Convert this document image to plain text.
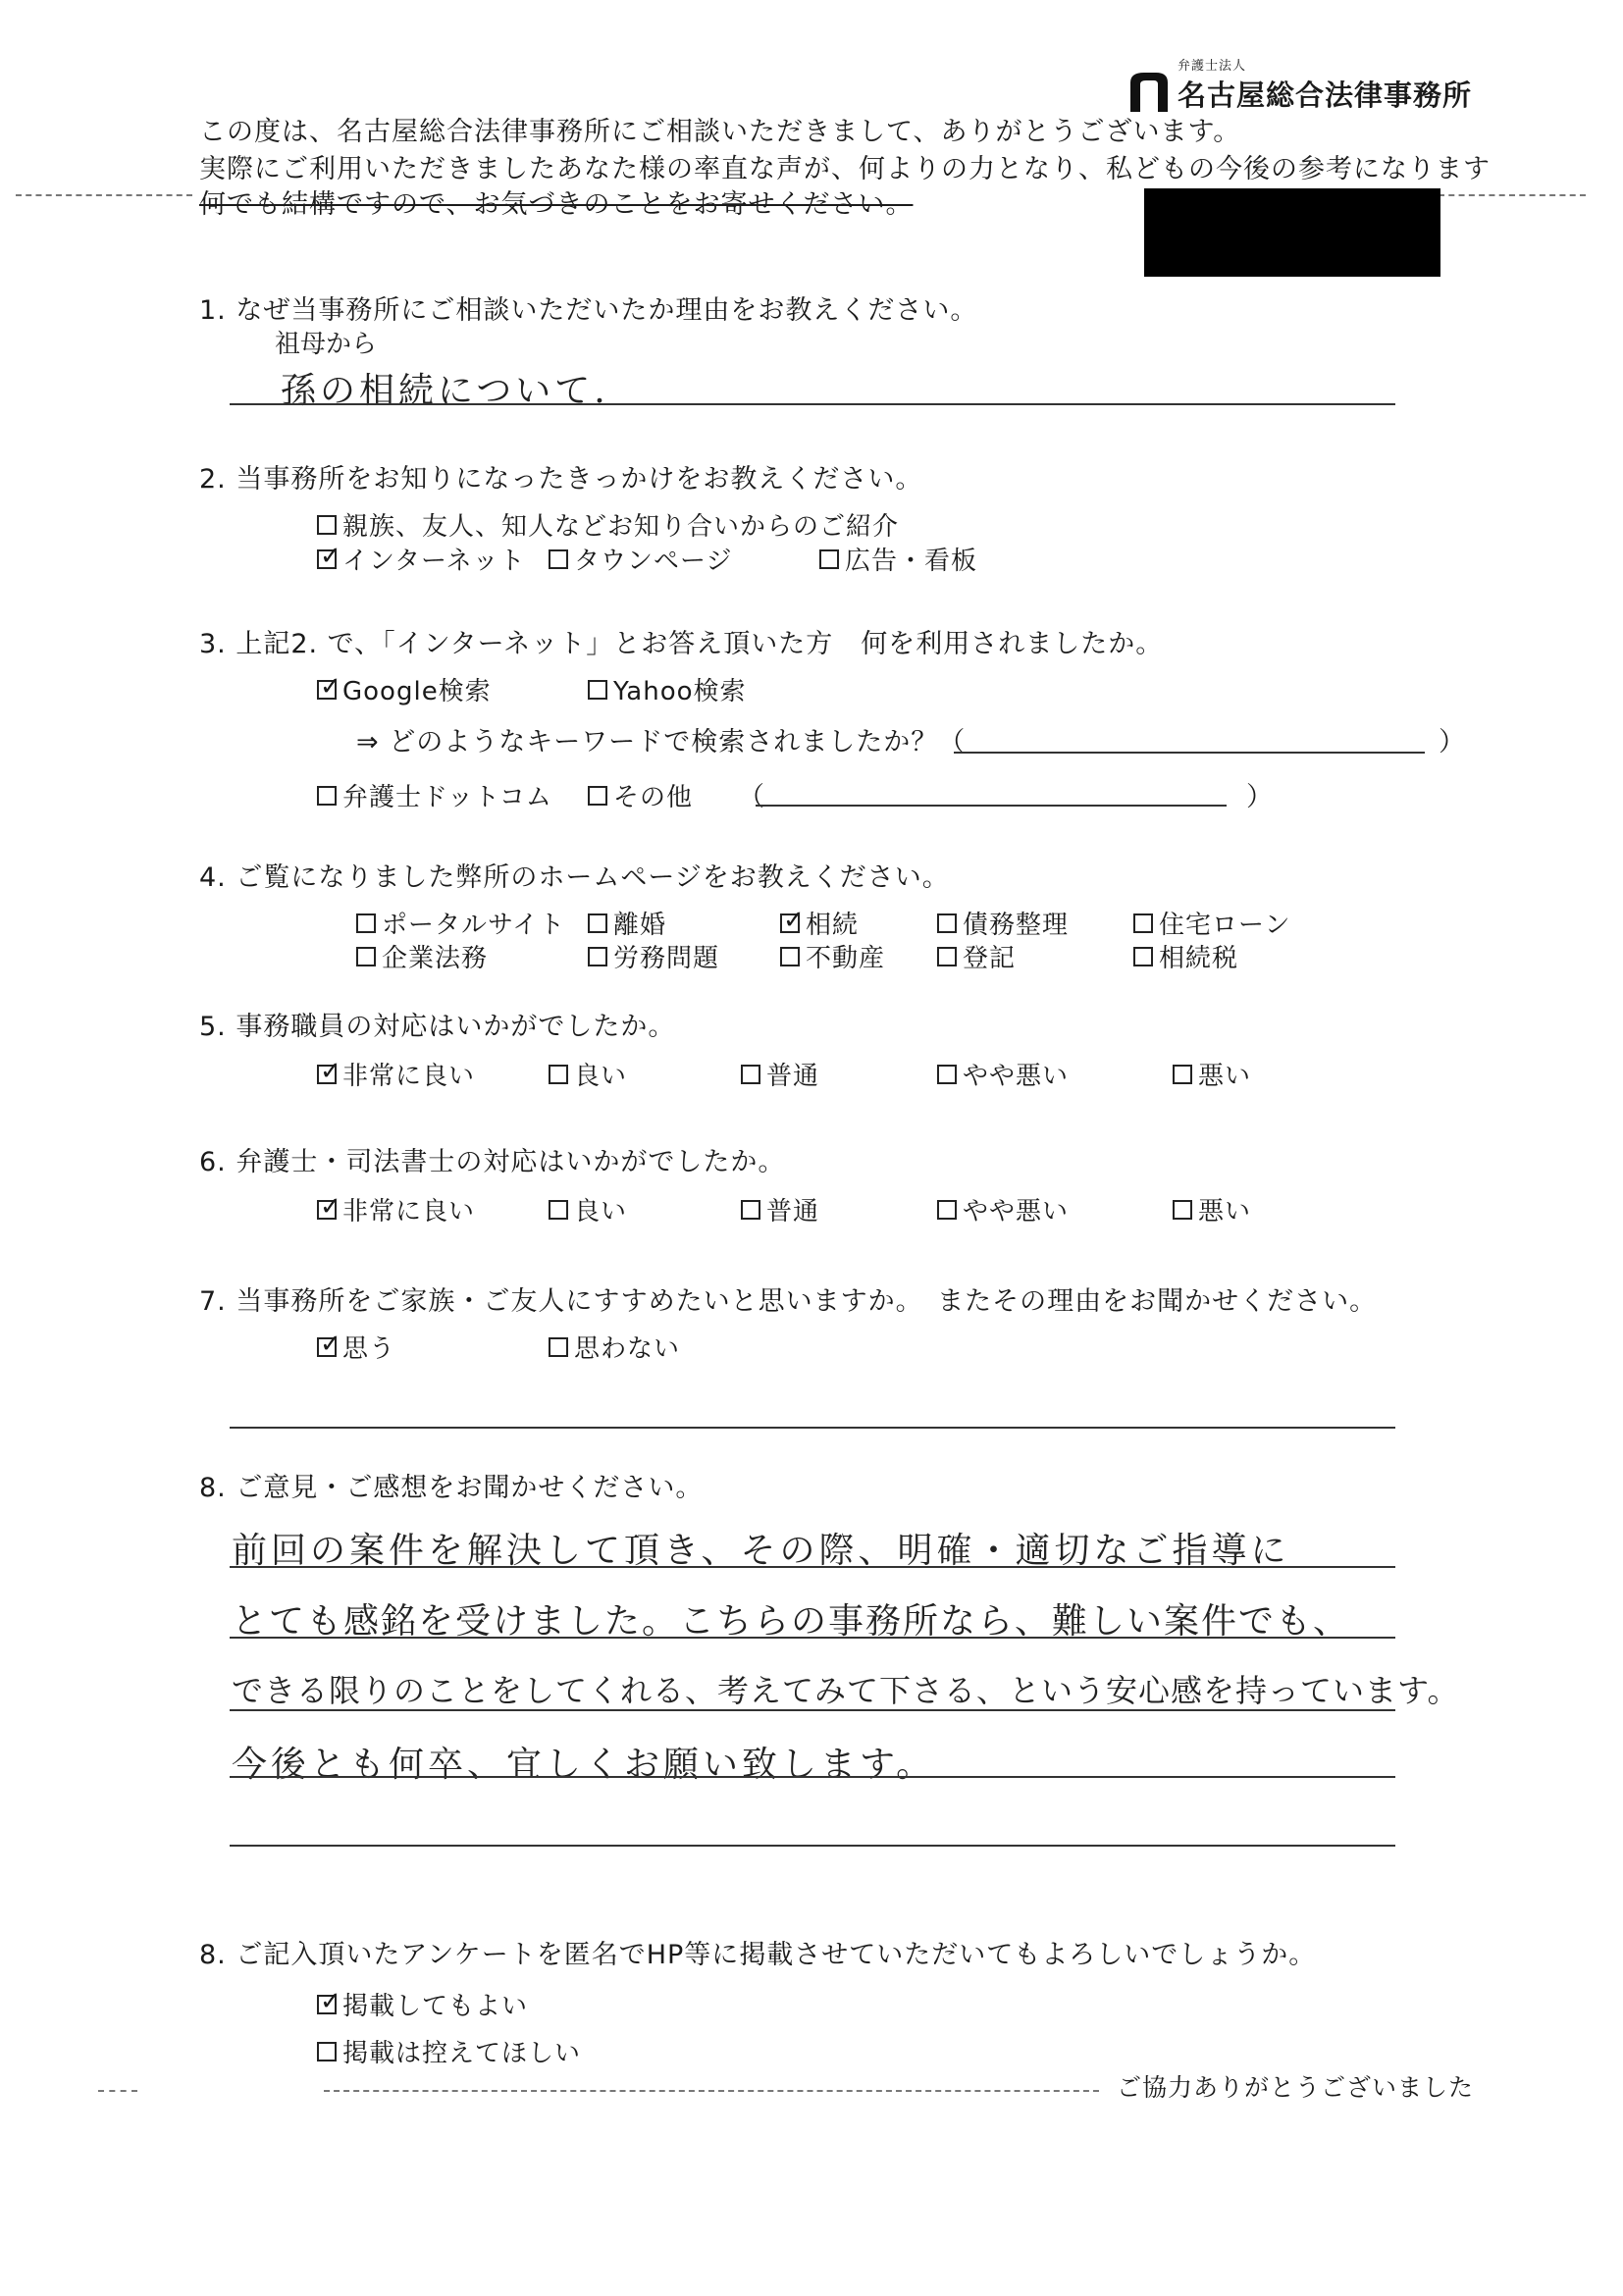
弁護士法人
名古屋総合法律事務所
この度は、名古屋総合法律事務所にご相談いただきまして、ありがとうございます。
実際にご利用いただきましたあなた様の率直な声が、何よりの力となり、私どもの今後の参考になります
何でも結構ですので、お気づきのことをお寄せください。
1. なぜ当事務所にご相談いただいたか理由をお教えください。
祖母から
孫の相続について.
2. 当事務所をお知りになったきっかけをお教えください。
親族、友人、知人などお知り合いからのご紹介
✓ インターネット タウンページ	広告・看板
3. 上記2. で、「インターネット」とお答え頂いた方　何を利用されましたか。
✓ Google検索	Yahoo検索
⇒ どのようなキーワードで検索されましたか？（	）
弁護士ドットコム その他 （	）
4. ご覧になりました弊所のホームページをお教えください。
ポータルサイト 離婚	✓ 相続	債務整理	住宅ローン
企業法務	労務問題	不動産	登記	相続税
5. 事務職員の対応はいかがでしたか。
✓ 非常に良い	良い	普通	やや悪い	悪い
6. 弁護士・司法書士の対応はいかがでしたか。
✓ 非常に良い	良い	普通	やや悪い	悪い
7. 当事務所をご家族・ご友人にすすめたいと思いますか。　またその理由をお聞かせください。
✓ 思う	思わない
8. ご意見・ご感想をお聞かせください。
前回の案件を解決して頂き、その際、明確・適切なご指導に
とても感銘を受けました。こちらの事務所なら、難しい案件でも、
できる限りのことをしてくれる、考えてみて下さる、という安心感を持っています。
今後とも何卒、宜しくお願い致します。
8. ご記入頂いたアンケートを匿名でHP等に掲載させていただいてもよろしいでしょうか。
✓ 掲載してもよい
掲載は控えてほしい
ご協力ありがとうございました
